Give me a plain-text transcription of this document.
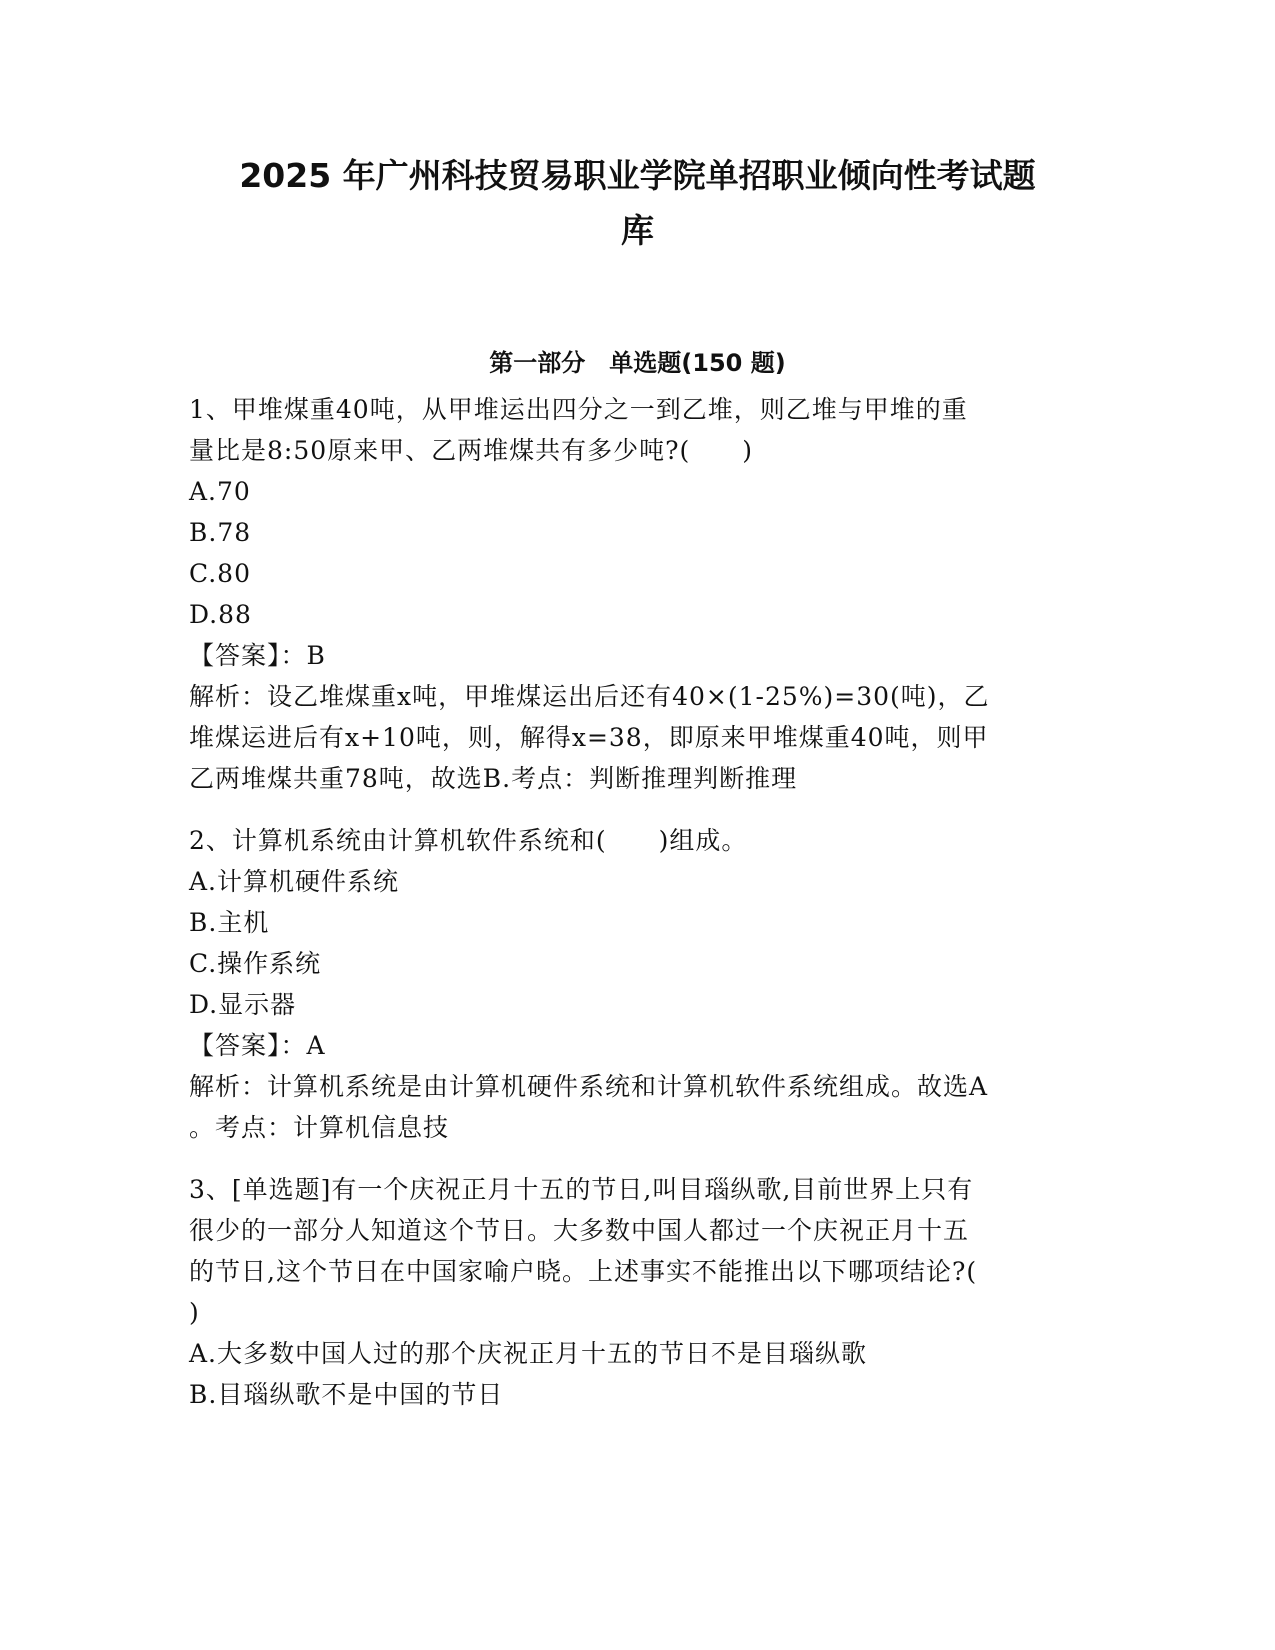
2025 年广州科技贸易职业学院单招职业倾向性考试题
库
第一部分　单选题(150 题)
1、甲堆煤重40吨，从甲堆运出四分之一到乙堆，则乙堆与甲堆的重
量比是8:50原来甲、乙两堆煤共有多少吨?(　　)
A.70
B.78
C.80
D.88
【答案】：B
解析：设乙堆煤重x吨，甲堆煤运出后还有40×(1-25%)=30(吨)，乙
堆煤运进后有x+10吨，则，解得x=38，即原来甲堆煤重40吨，则甲
乙两堆煤共重78吨，故选B.考点：判断推理判断推理
2、计算机系统由计算机软件系统和(　　)组成。
A.计算机硬件系统
B.主机
C.操作系统
D.显示器
【答案】：A
解析：计算机系统是由计算机硬件系统和计算机软件系统组成。故选A
。考点：计算机信息技
3、[单选题]有一个庆祝正月十五的节日,叫目瑙纵歌,目前世界上只有
很少的一部分人知道这个节日。大多数中国人都过一个庆祝正月十五
的节日,这个节日在中国家喻户晓。上述事实不能推出以下哪项结论?(
)
A.大多数中国人过的那个庆祝正月十五的节日不是目瑙纵歌
B.目瑙纵歌不是中国的节日
